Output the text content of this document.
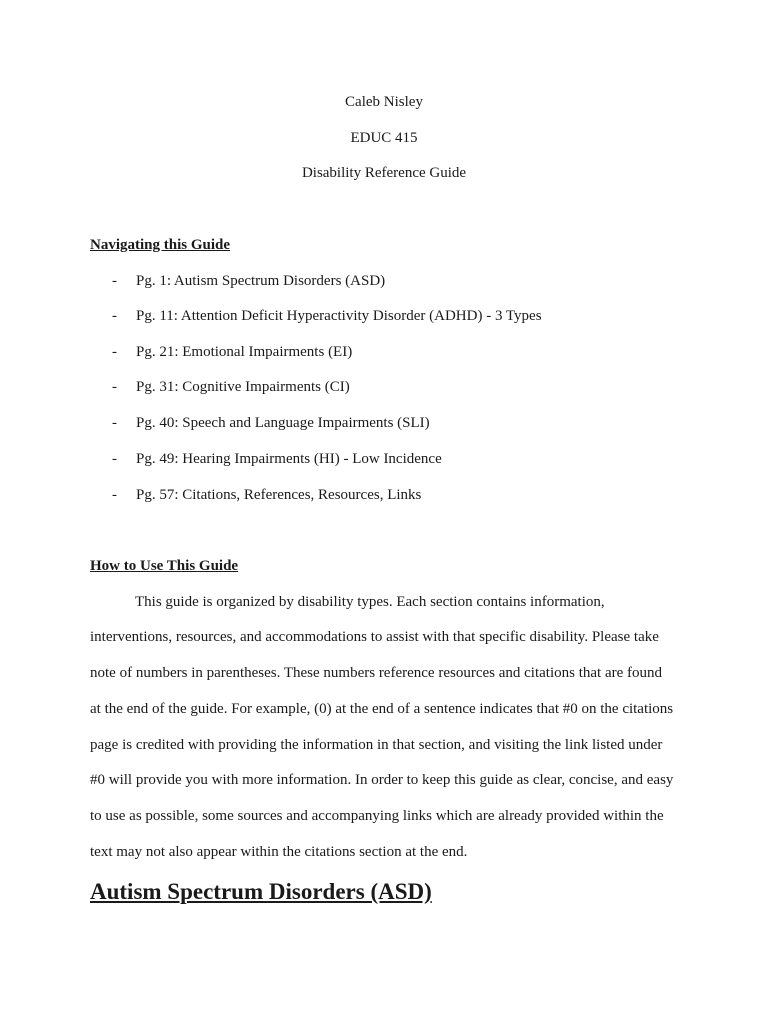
Caleb Nisley
EDUC 415
Disability Reference Guide
Navigating this Guide
- Pg. 1: Autism Spectrum Disorders (ASD)
- Pg. 11: Attention Deficit Hyperactivity Disorder (ADHD) - 3 Types
- Pg. 21: Emotional Impairments (EI)
- Pg. 31: Cognitive Impairments (CI)
- Pg. 40: Speech and Language Impairments (SLI)
- Pg. 49: Hearing Impairments (HI) - Low Incidence
- Pg. 57: Citations, References, Resources, Links
How to Use This Guide
This guide is organized by disability types. Each section contains information,
interventions, resources, and accommodations to assist with that specific disability. Please take
note of numbers in parentheses. These numbers reference resources and citations that are found
at the end of the guide. For example, (0) at the end of a sentence indicates that #0 on the citations
page is credited with providing the information in that section, and visiting the link listed under
#0 will provide you with more information. In order to keep this guide as clear, concise, and easy
to use as possible, some sources and accompanying links which are already provided within the
text may not also appear within the citations section at the end.
Autism Spectrum Disorders (ASD)
